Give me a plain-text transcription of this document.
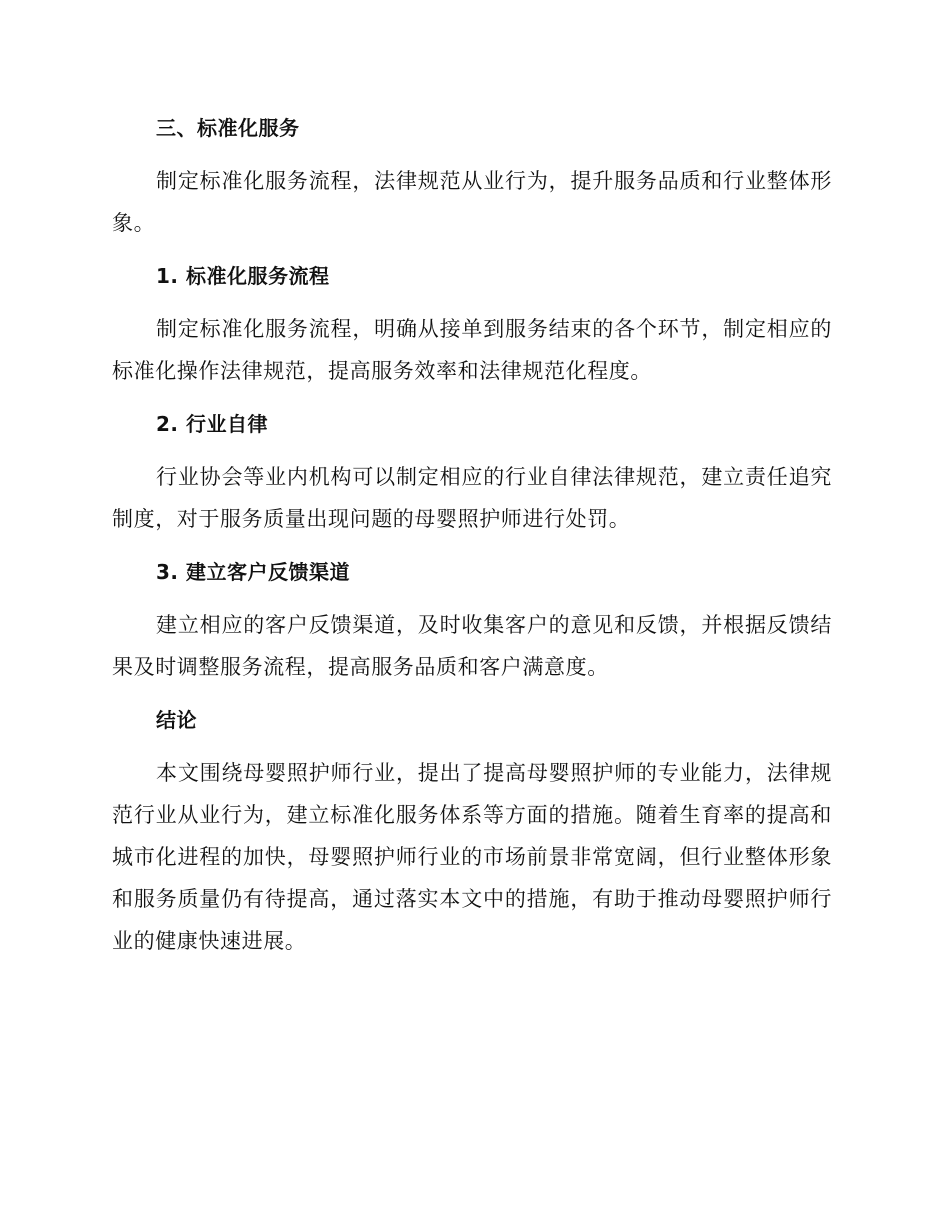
三、标准化服务

制定标准化服务流程，法律规范从业行为，提升服务品质和行业整体形象。

1. 标准化服务流程

制定标准化服务流程，明确从接单到服务结束的各个环节，制定相应的标准化操作法律规范，提高服务效率和法律规范化程度。

2. 行业自律

行业协会等业内机构可以制定相应的行业自律法律规范，建立责任追究制度，对于服务质量出现问题的母婴照护师进行处罚。

3. 建立客户反馈渠道

建立相应的客户反馈渠道，及时收集客户的意见和反馈，并根据反馈结果及时调整服务流程，提高服务品质和客户满意度。

结论

本文围绕母婴照护师行业，提出了提高母婴照护师的专业能力，法律规范行业从业行为，建立标准化服务体系等方面的措施。随着生育率的提高和城市化进程的加快，母婴照护师行业的市场前景非常宽阔，但行业整体形象和服务质量仍有待提高，通过落实本文中的措施，有助于推动母婴照护师行业的健康快速进展。
